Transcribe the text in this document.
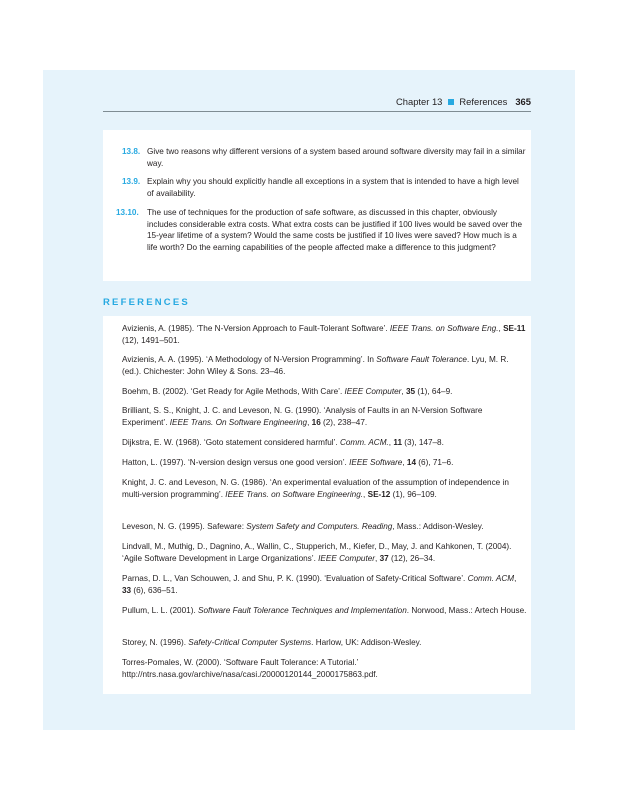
Chapter 13 References 365
13.8. Give two reasons why different versions of a system based around software diversity may fail in a similar way.
13.9. Explain why you should explicitly handle all exceptions in a system that is intended to have a high level of availability.
13.10. The use of techniques for the production of safe software, as discussed in this chapter, obviously includes considerable extra costs. What extra costs can be justified if 100 lives would be saved over the 15-year lifetime of a system? Would the same costs be justified if 10 lives were saved? How much is a life worth? Do the earning capabilities of the people affected make a difference to this judgment?
REFERENCES
Avizienis, A. (1985). ‘The N-Version Approach to Fault-Tolerant Software’. IEEE Trans. on Software Eng., SE-11 (12), 1491–501.
Avizienis, A. A. (1995). ‘A Methodology of N-Version Programming’. In Software Fault Tolerance. Lyu, M. R. (ed.). Chichester: John Wiley & Sons. 23–46.
Boehm, B. (2002). ‘Get Ready for Agile Methods, With Care’. IEEE Computer, 35 (1), 64–9.
Brilliant, S. S., Knight, J. C. and Leveson, N. G. (1990). ‘Analysis of Faults in an N-Version Software Experiment’. IEEE Trans. On Software Engineering, 16 (2), 238–47.
Dijkstra, E. W. (1968). ‘Goto statement considered harmful’. Comm. ACM., 11 (3), 147–8.
Hatton, L. (1997). ‘N-version design versus one good version’. IEEE Software, 14 (6), 71–6.
Knight, J. C. and Leveson, N. G. (1986). ‘An experimental evaluation of the assumption of independence in multi-version programming’. IEEE Trans. on Software Engineering., SE-12 (1), 96–109.
Leveson, N. G. (1995). Safeware: System Safety and Computers. Reading, Mass.: Addison-Wesley.
Lindvall, M., Muthig, D., Dagnino, A., Wallin, C., Stupperich, M., Kiefer, D., May, J. and Kahkonen, T. (2004). ‘Agile Software Development in Large Organizations’. IEEE Computer, 37 (12), 26–34.
Parnas, D. L., Van Schouwen, J. and Shu, P. K. (1990). ‘Evaluation of Safety-Critical Software’. Comm. ACM, 33 (6), 636–51.
Pullum, L. L. (2001). Software Fault Tolerance Techniques and Implementation. Norwood, Mass.: Artech House.
Storey, N. (1996). Safety-Critical Computer Systems. Harlow, UK: Addison-Wesley.
Torres-Pomales, W. (2000). ‘Software Fault Tolerance: A Tutorial.’ http://ntrs.nasa.gov/archive/nasa/casi./20000120144_2000175863.pdf.
